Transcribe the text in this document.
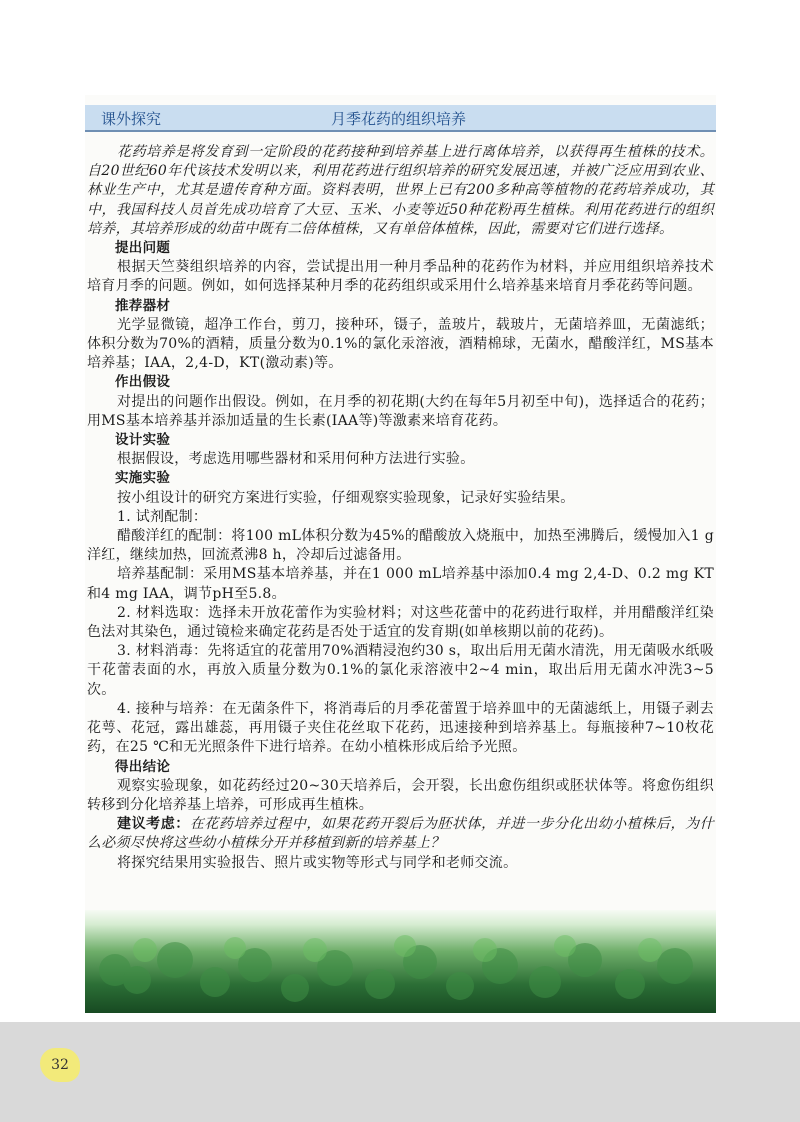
课外探究	月季花药的组织培养

花药培养是将发育到一定阶段的花药接种到培养基上进行离体培养，以获得再生植株的技术。自20世纪60年代该技术发明以来，利用花药进行组织培养的研究发展迅速，并被广泛应用到农业、林业生产中，尤其是遗传育种方面。资料表明，世界上已有200多种高等植物的花药培养成功，其中，我国科技人员首先成功培育了大豆、玉米、小麦等近50种花粉再生植株。利用花药进行的组织培养，其培养形成的幼苗中既有二倍体植株，又有单倍体植株，因此，需要对它们进行选择。

提出问题

根据天竺葵组织培养的内容，尝试提出用一种月季品种的花药作为材料，并应用组织培养技术培育月季的问题。例如，如何选择某种月季的花药组织或采用什么培养基来培育月季花药等问题。

推荐器材

光学显微镜，超净工作台，剪刀，接种环，镊子，盖玻片，载玻片，无菌培养皿，无菌滤纸；体积分数为70%的酒精，质量分数为0.1%的氯化汞溶液，酒精棉球，无菌水，醋酸洋红，MS基本培养基；IAA，2,4-D，KT(激动素)等。

作出假设

对提出的问题作出假设。例如，在月季的初花期(大约在每年5月初至中旬)，选择适合的花药；用MS基本培养基并添加适量的生长素(IAA等)等激素来培育花药。

设计实验

根据假设，考虑选用哪些器材和采用何种方法进行实验。

实施实验

按小组设计的研究方案进行实验，仔细观察实验现象，记录好实验结果。

1. 试剂配制：

醋酸洋红的配制：将100 mL体积分数为45%的醋酸放入烧瓶中，加热至沸腾后，缓慢加入1 g洋红，继续加热，回流煮沸8 h，冷却后过滤备用。

培养基配制：采用MS基本培养基，并在1 000 mL培养基中添加0.4 mg 2,4-D、0.2 mg KT和4 mg IAA，调节pH至5.8。

2. 材料选取：选择未开放花蕾作为实验材料；对这些花蕾中的花药进行取样，并用醋酸洋红染色法对其染色，通过镜检来确定花药是否处于适宜的发育期(如单核期以前的花药)。

3. 材料消毒：先将适宜的花蕾用70%酒精浸泡约30 s，取出后用无菌水清洗，用无菌吸水纸吸干花蕾表面的水，再放入质量分数为0.1%的氯化汞溶液中2~4 min，取出后用无菌水冲洗3~5次。

4. 接种与培养：在无菌条件下，将消毒后的月季花蕾置于培养皿中的无菌滤纸上，用镊子剥去花萼、花冠，露出雄蕊，再用镊子夹住花丝取下花药，迅速接种到培养基上。每瓶接种7~10枚花药，在25 ℃和无光照条件下进行培养。在幼小植株形成后给予光照。

得出结论

观察实验现象，如花药经过20~30天培养后，会开裂，长出愈伤组织或胚状体等。将愈伤组织转移到分化培养基上培养，可形成再生植株。

建议考虑：在花药培养过程中，如果花药开裂后为胚状体，并进一步分化出幼小植株后，为什么必须尽快将这些幼小植株分开并移植到新的培养基上？

将探究结果用实验报告、照片或实物等形式与同学和老师交流。

32
